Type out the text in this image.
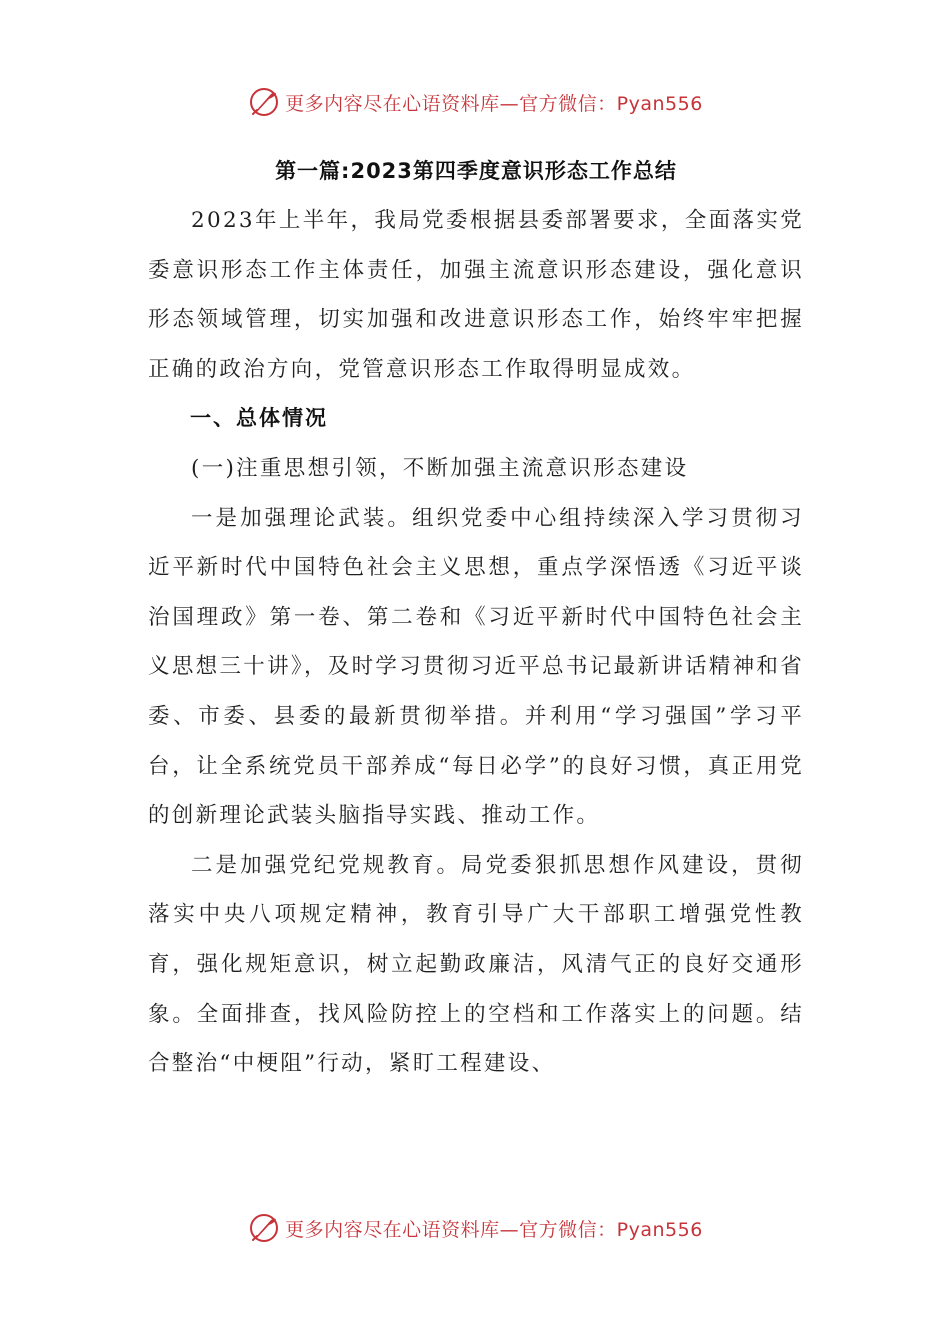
更多内容尽在心语资料库—官方微信：Pyan556
第一篇:2023第四季度意识形态工作总结

2023年上半年，我局党委根据县委部署要求，全面落实党委意识形态工作主体责任，加强主流意识形态建设，强化意识形态领域管理，切实加强和改进意识形态工作，始终牢牢把握正确的政治方向，党管意识形态工作取得明显成效。

一、总体情况

(一)注重思想引领，不断加强主流意识形态建设

一是加强理论武装。组织党委中心组持续深入学习贯彻习近平新时代中国特色社会主义思想，重点学深悟透《习近平谈治国理政》第一卷、第二卷和《习近平新时代中国特色社会主义思想三十讲》，及时学习贯彻习近平总书记最新讲话精神和省委、市委、县委的最新贯彻举措。并利用“学习强国”学习平台，让全系统党员干部养成“每日必学”的良好习惯，真正用党的创新理论武装头脑指导实践、推动工作。

二是加强党纪党规教育。局党委狠抓思想作风建设，贯彻落实中央八项规定精神，教育引导广大干部职工增强党性教育，强化规矩意识，树立起勤政廉洁，风清气正的良好交通形象。全面排查，找风险防控上的空档和工作落实上的问题。结合整治“中梗阻”行动，紧盯工程建设、

更多内容尽在心语资料库—官方微信：Pyan556
